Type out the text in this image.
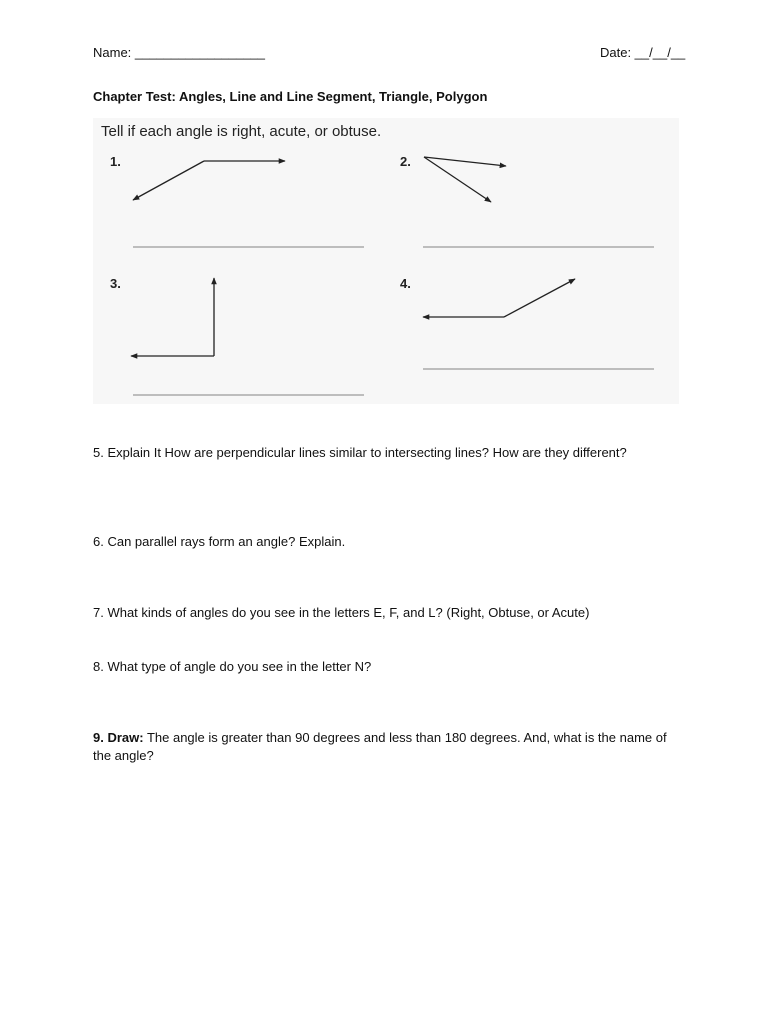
Name: __________________	Date: __/__/__
Chapter Test: Angles, Line and Line Segment, Triangle, Polygon
Tell if each angle is right, acute, or obtuse.
1.	2.
3.	4.
5. Explain It How are perpendicular lines similar to intersecting lines? How are they different?
6. Can parallel rays form an angle? Explain.
7. What kinds of angles do you see in the letters E, F, and L? (Right, Obtuse, or Acute)
8. What type of angle do you see in the letter N?
9. Draw: The angle is greater than 90 degrees and less than 180 degrees. And, what is the name of the angle?
